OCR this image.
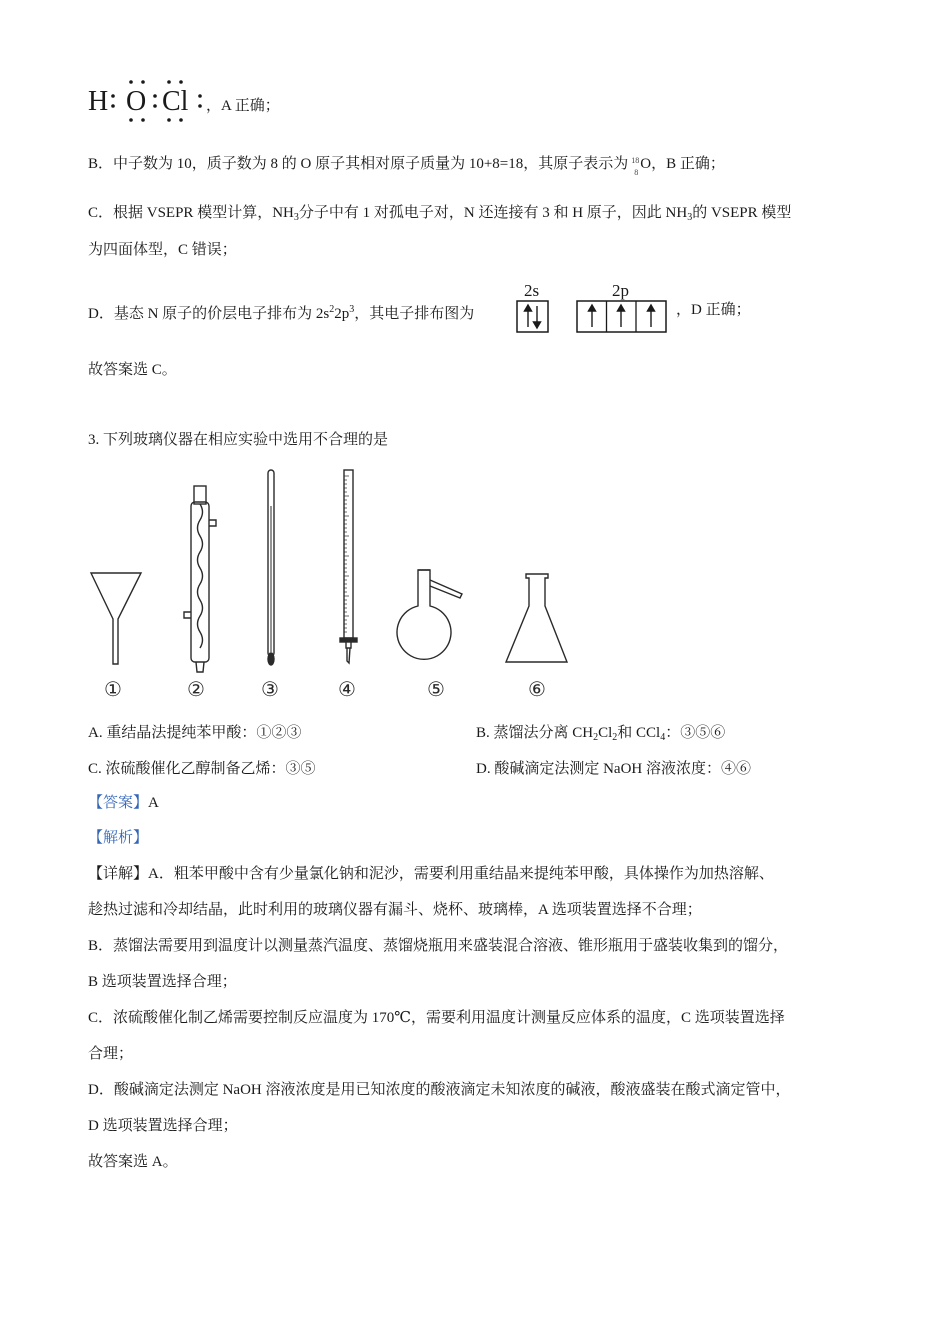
H O Cl ，A 正确；
B．中子数为 10，质子数为 8 的 O 原子其相对原子质量为 10+8=18，其原子表示为 18
8
O，B 正确；
C．根据 VSEPR 模型计算，$NH_3$分子中有 1 对孤电子对，N 还连接有 3 和 H 原子，因此 $NH_3$的 VSEPR 模型
为四面体型，C 错误；
D．基态 N 原子的价层电子排布为 $2s^22p^3$，其电子排布图为
2s	2p
，D 正确；
故答案选 C。
3. 下列玻璃仪器在相应实验中选用不合理的是
①	②	③	④	⑤	⑥
A. 重结晶法提纯苯甲酸：①②③	B. 蒸馏法分离 $CH_2Cl_2$和 CCl$_4$：③⑤⑥
C. 浓硫酸催化乙醇制备乙烯：③⑤	D. 酸碱滴定法测定 NaOH 溶液浓度：④⑥
【答案】A
【解析】
【详解】A．粗苯甲酸中含有少量氯化钠和泥沙，需要利用重结晶来提纯苯甲酸，具体操作为加热溶解、
趁热过滤和冷却结晶，此时利用的玻璃仪器有漏斗、烧杯、玻璃棒，A 选项装置选择不合理；
B．蒸馏法需要用到温度计以测量蒸汽温度、蒸馏烧瓶用来盛装混合溶液、锥形瓶用于盛装收集到的馏分，
B 选项装置选择合理；
C．浓硫酸催化制乙烯需要控制反应温度为 170℃，需要利用温度计测量反应体系的温度，C 选项装置选择
合理；
D．酸碱滴定法测定 NaOH 溶液浓度是用已知浓度的酸液滴定未知浓度的碱液，酸液盛装在酸式滴定管中，
D 选项装置选择合理；
故答案选 A。
